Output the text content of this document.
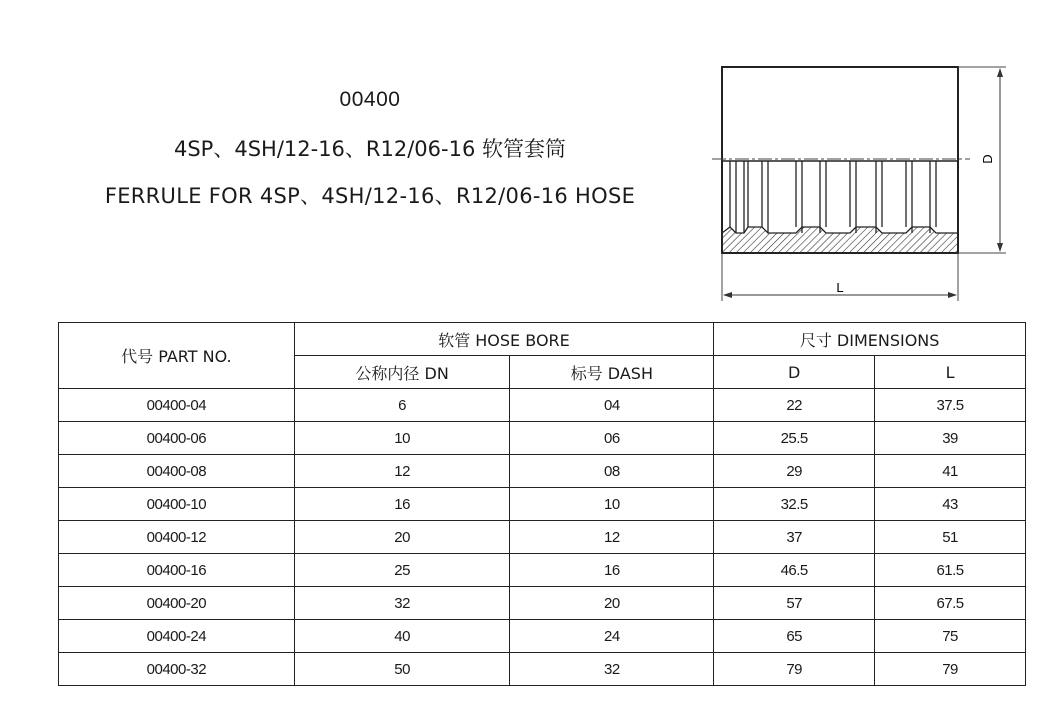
00400
4SP、4SH/12-16、R12/06-16 软管套筒
FERRULE FOR 4SP、4SH/12-16、R12/06-16 HOSE
D
L
代号 PART NO.	软管 HOSE BORE		尺寸 DIMENSIONS	
	公称内径 DN	标号 DASH	D	L
00400-04	6	04	22	37.5
00400-06	10	06	25.5	39
00400-08	12	08	29	41
00400-10	16	10	32.5	43
00400-12	20	12	37	51
00400-16	25	16	46.5	61.5
00400-20	32	20	57	67.5
00400-24	40	24	65	75
00400-32	50	32	79	79
